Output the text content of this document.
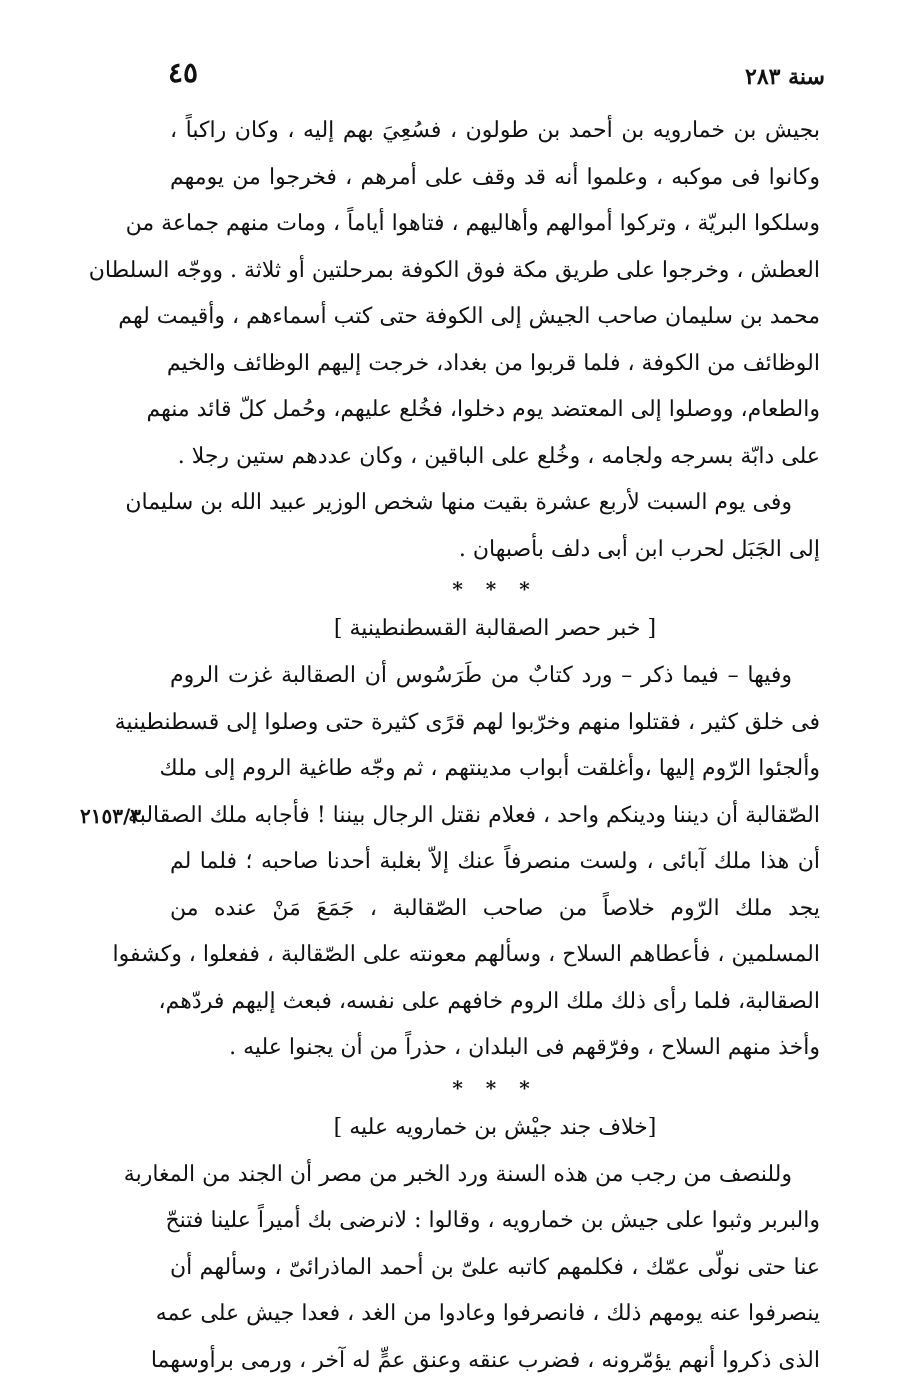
سنة ٢٨٣
٤٥
٢١٥٣/٣
بجيش بن خمارويه بن أحمد بن طولون ، فسُعِيَ بهم إليه ، وكان راكباً ،
وكانوا فى موكبه ، وعلموا أنه قد وقف على أمرهم ، فخرجوا من يومهم
وسلكوا البريّة ، وتركوا أموالهم وأهاليهم ، فتاهوا أياماً ، ومات منهم جماعة من
العطش ، وخرجوا على طريق مكة فوق الكوفة بمرحلتين أو ثلاثة . ووجّه السلطان
محمد بن سليمان صاحب الجيش إلى الكوفة حتى كتب أسماءهم ، وأقيمت لهم
الوظائف من الكوفة ، فلما قربوا من بغداد، خرجت إليهم الوظائف والخيم
والطعام، ووصلوا إلى المعتضد يوم دخلوا، فخُلع عليهم، وحُمل كلّ قائد منهم
على دابّة بسرجه ولجامه ، وخُلع على الباقين ، وكان عددهم ستين رجلا .
وفى يوم السبت لأربع عشرة بقيت منها شخص الوزير عبيد الله بن سليمان
إلى الجَبَل لحرب ابن أبى دلف بأصبهان .
* * *
[ خبر حصر الصقالبة القسطنطينية ]
وفيها – فيما ذكر – ورد كتابٌ من طَرَسُوس أن الصقالبة غزت الروم
فى خلق كثير ، فقتلوا منهم وخرّبوا لهم قرًى كثيرة حتى وصلوا إلى قسطنطينية
وألجئوا الرّوم إليها ،وأغلقت أبواب مدينتهم ، ثم وجّه طاغية الروم إلى ملك
الصّقالبة أن ديننا ودينكم واحد ، فعلام نقتل الرجال بيننا ! فأجابه ملك الصقالبة
أن هذا ملك آبائى ، ولست منصرفاً عنك إلاّ بغلبة أحدنا صاحبه ؛ فلما لم
يجد ملك الرّوم خلاصاً من صاحب الصّقالبة ، جَمَعَ مَنْ عنده من
المسلمين ، فأعطاهم السلاح ، وسألهم معونته على الصّقالبة ، ففعلوا ، وكشفوا
الصقالبة، فلما رأى ذلك ملك الروم خافهم على نفسه، فبعث إليهم فردّهم،
وأخذ منهم السلاح ، وفرّقهم فى البلدان ، حذراً من أن يجنوا عليه .
* * *
[خلاف جند جيْش بن خمارويه عليه ]
وللنصف من رجب من هذه السنة ورد الخبر من مصر أن الجند من المغاربة
والبربر وثبوا على جيش بن خمارويه ، وقالوا : لانرضى بك أميراً علينا فتنحّ
عنا حتى نولّى عمّك ، فكلمهم كاتبه علىّ بن أحمد الماذرائىّ ، وسألهم أن
ينصرفوا عنه يومهم ذلك ، فانصرفوا وعادوا من الغد ، فعدا جيش على عمه
الذى ذكروا أنهم يؤمّرونه ، فضرب عنقه وعنق عمٍّ له آخر ، ورمى برأوسهما
